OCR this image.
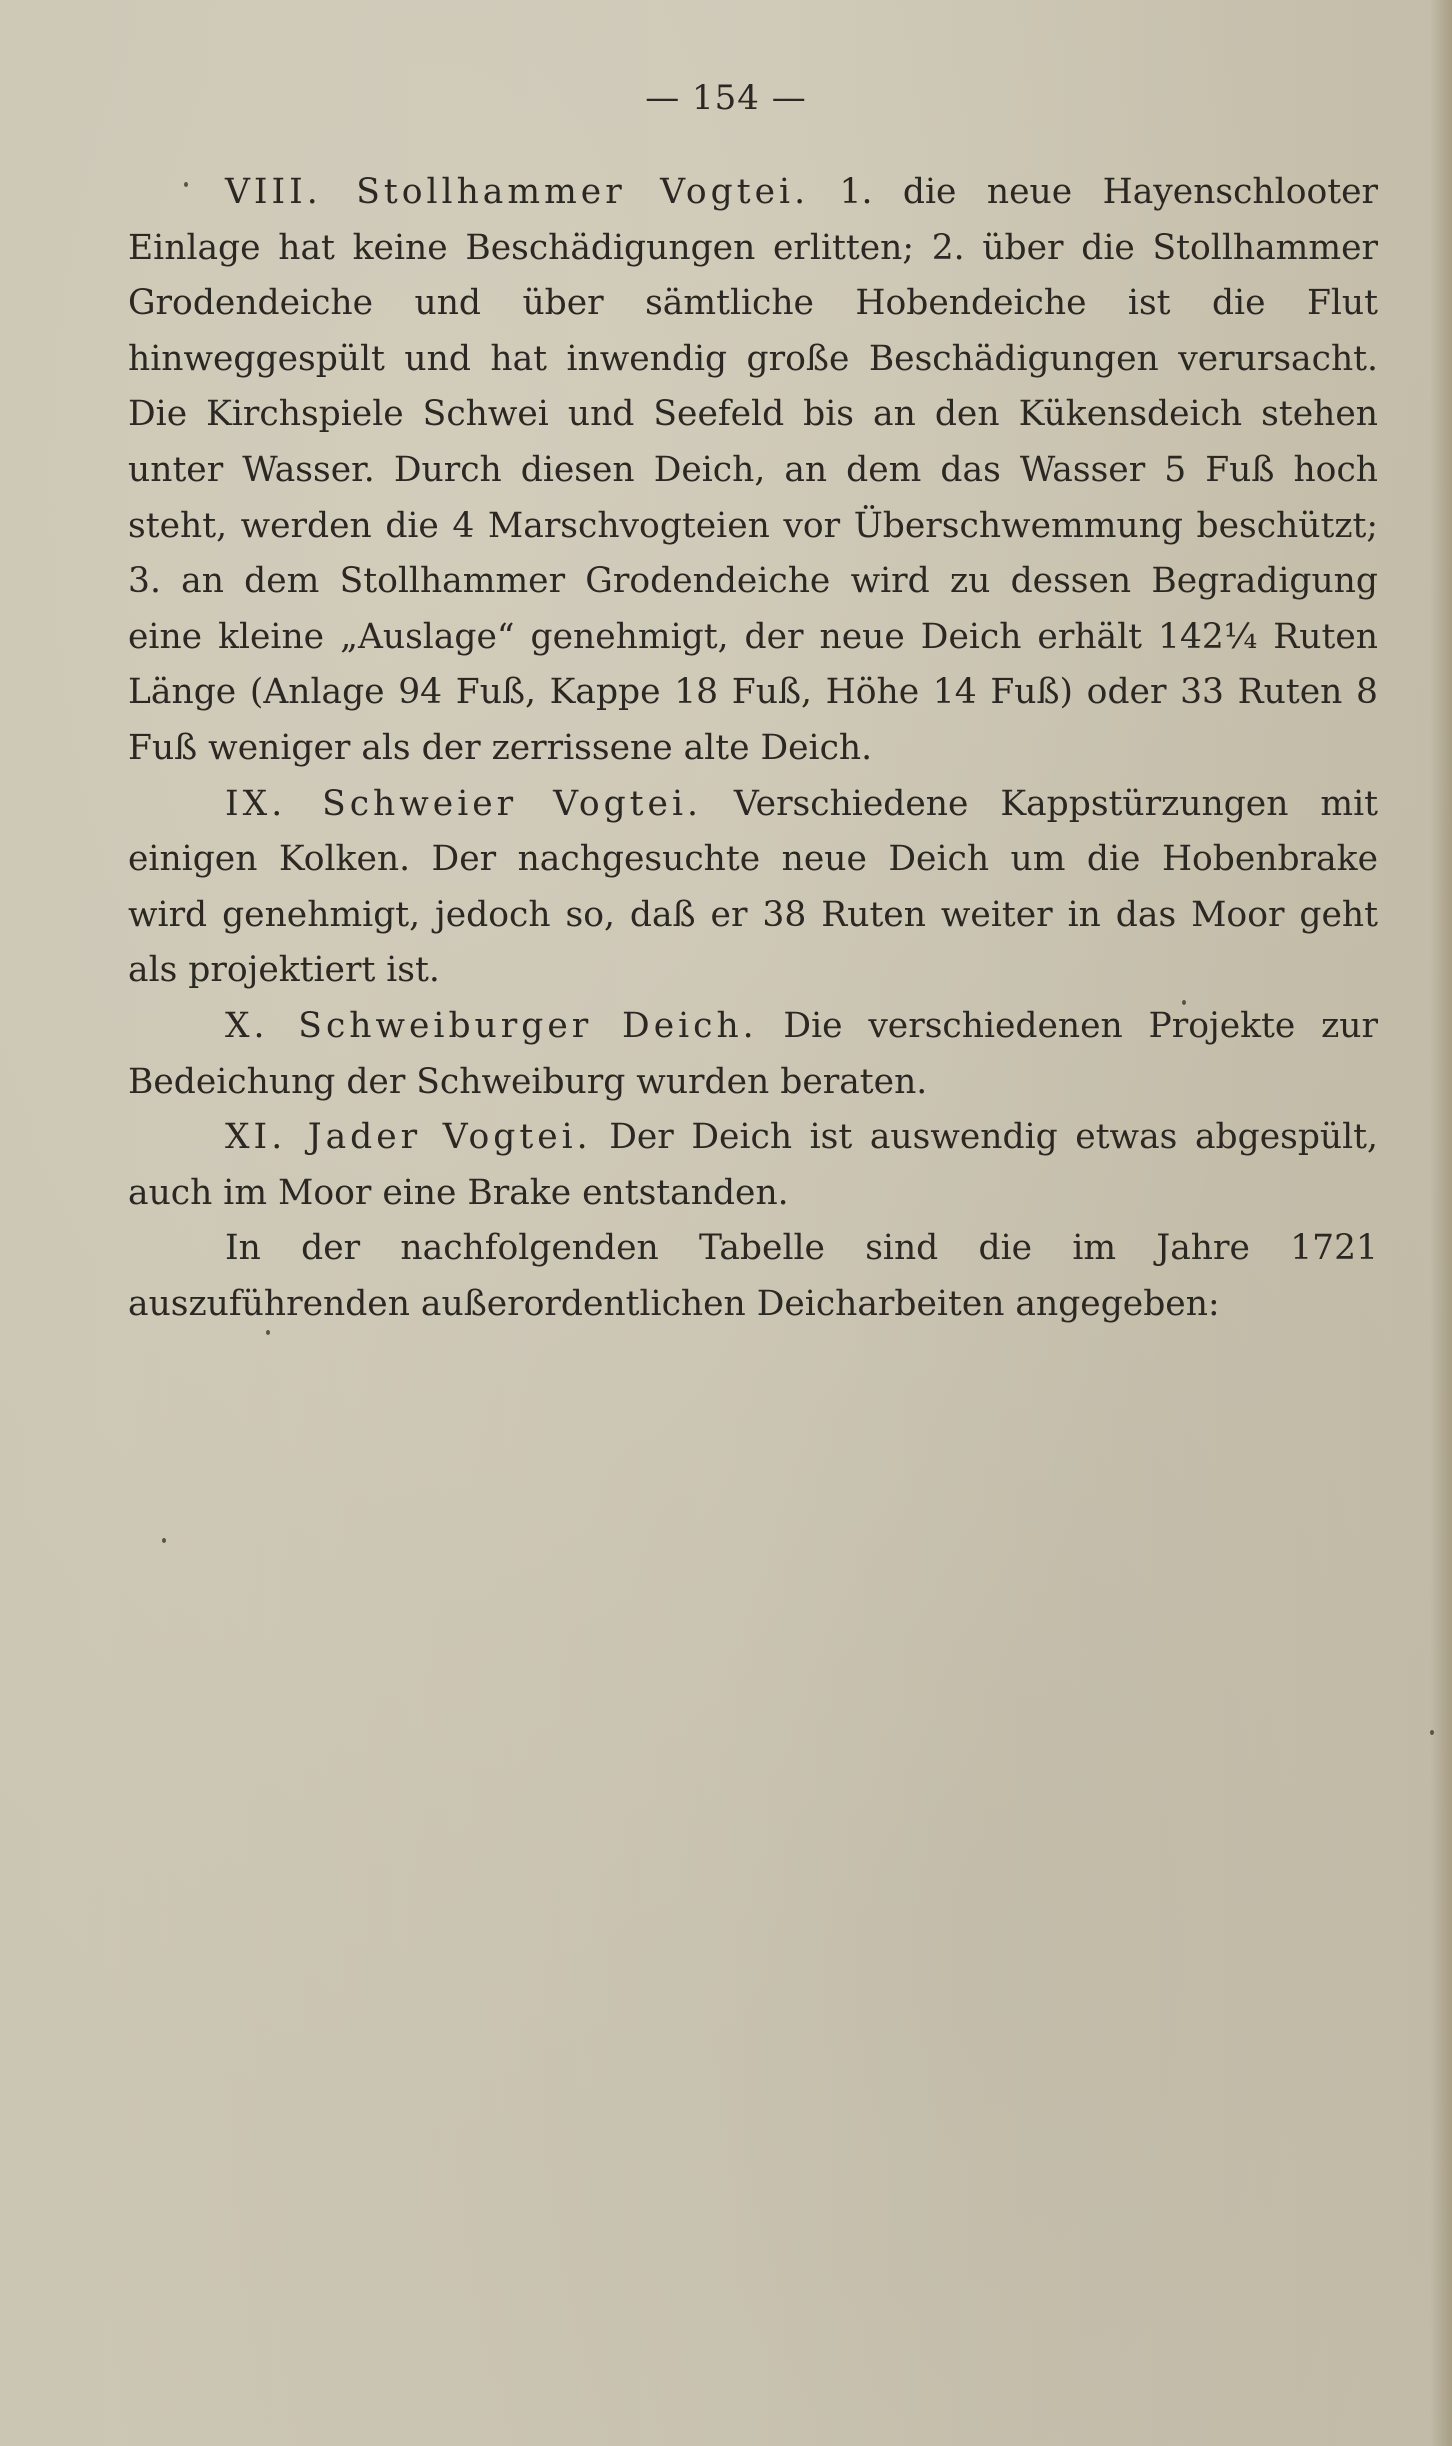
— 154 —

VIII. Stollhammer Vogtei. 1. die neue Hayenschlooter Einlage hat keine Beschädigungen erlitten; 2. über die Stollhammer Grodendeiche und über sämtliche Hobendeiche ist die Flut hinweggespült und hat inwendig große Beschädigungen verursacht. Die Kirchspiele Schwei und Seefeld bis an den Kükensdeich stehen unter Wasser. Durch diesen Deich, an dem das Wasser 5 Fuß hoch steht, werden die 4 Marschvogteien vor Überschwemmung beschützt; 3. an dem Stollhammer Grodendeiche wird zu dessen Begradigung eine kleine „Auslage“ genehmigt, der neue Deich erhält 142¼ Ruten Länge (Anlage 94 Fuß, Kappe 18 Fuß, Höhe 14 Fuß) oder 33 Ruten 8 Fuß weniger als der zerrissene alte Deich.

IX. Schweier Vogtei. Verschiedene Kappstürzungen mit einigen Kolken. Der nachgesuchte neue Deich um die Hobenbrake wird genehmigt, jedoch so, daß er 38 Ruten weiter in das Moor geht als projektiert ist.

X. Schweiburger Deich. Die verschiedenen Projekte zur Bedeichung der Schweiburg wurden beraten.

XI. Jader Vogtei. Der Deich ist auswendig etwas abgespült, auch im Moor eine Brake entstanden.

In der nachfolgenden Tabelle sind die im Jahre 1721 auszuführenden außerordentlichen Deicharbeiten angegeben:
